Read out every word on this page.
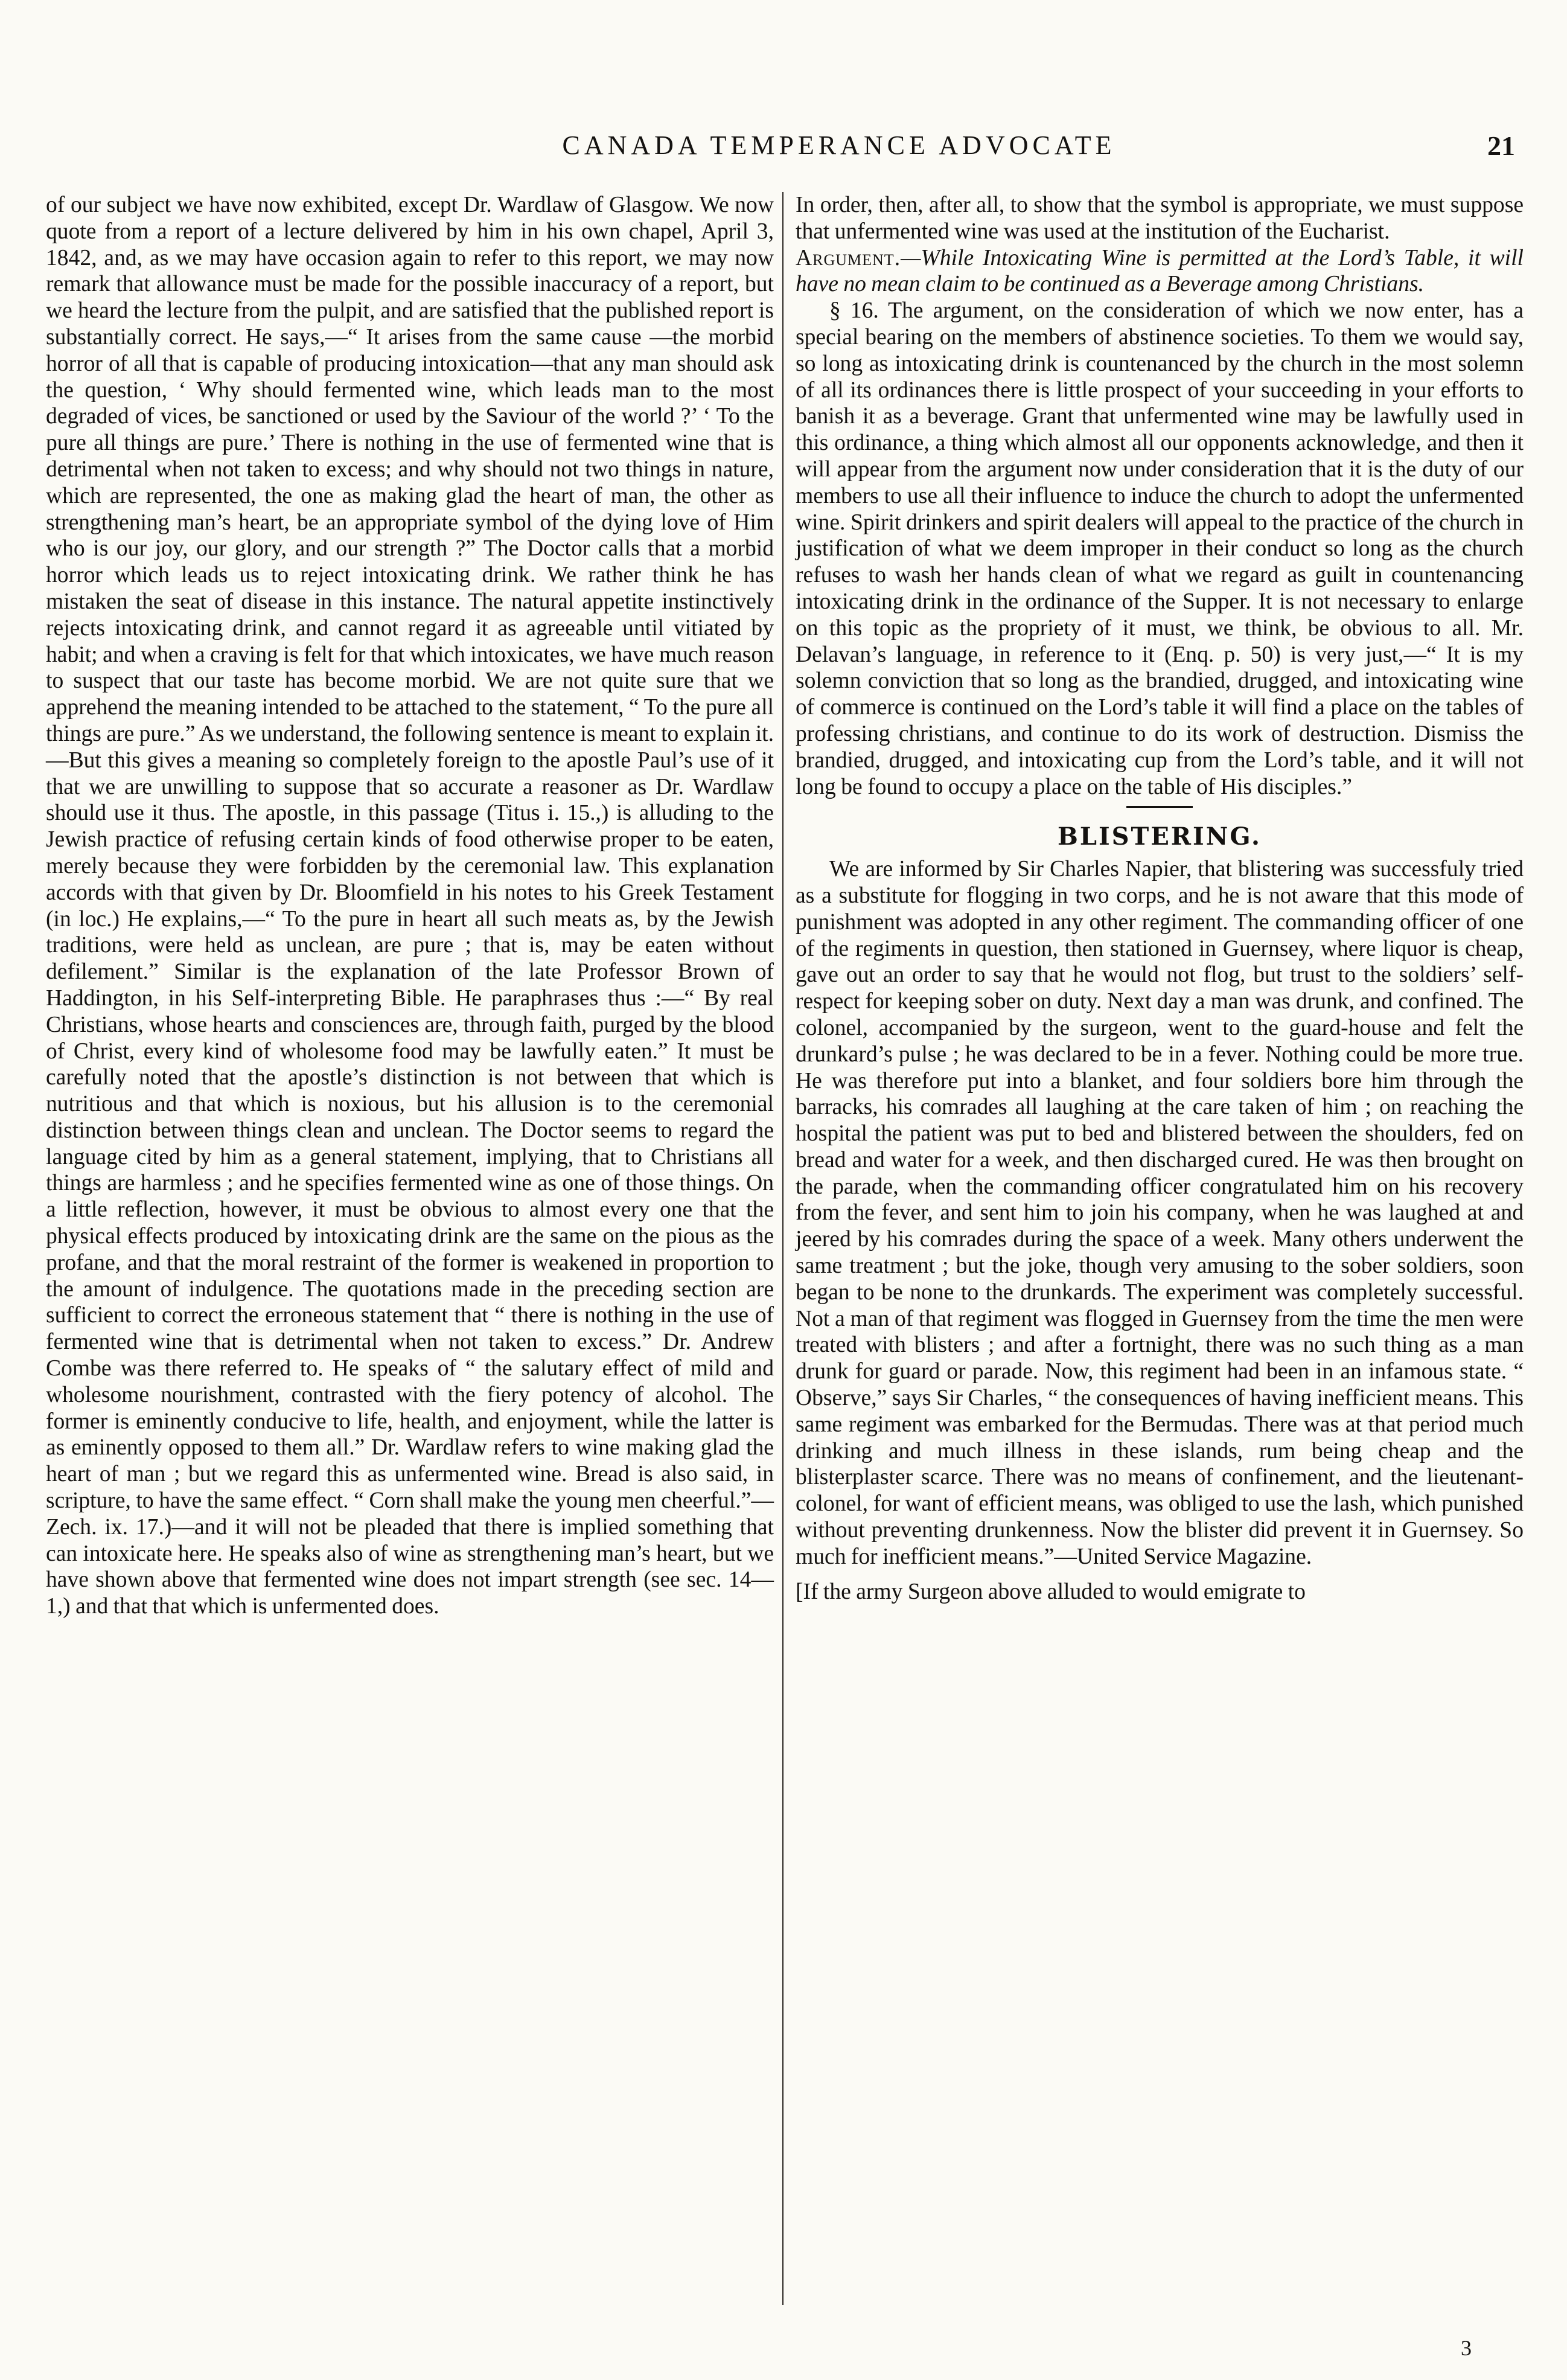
CANADA TEMPERANCE ADVOCATE	21

of our subject we have now exhibited, except Dr. Wardlaw of Glasgow. We now quote from a report of a lecture delivered by him in his own chapel, April 3, 1842, and, as we may have occasion again to refer to this report, we may now remark that allowance must be made for the possible inaccuracy of a report, but we heard the lecture from the pulpit, and are satisfied that the published report is substantially correct. He says,—“ It arises from the same cause —the morbid horror of all that is capable of producing intoxication—that any man should ask the question, ‘ Why should fermented wine, which leads man to the most degraded of vices, be sanctioned or used by the Saviour of the world ?’ ‘ To the pure all things are pure.’ There is nothing in the use of fermented wine that is detrimental when not taken to excess; and why should not two things in nature, which are represented, the one as making glad the heart of man, the other as strengthening man’s heart, be an appropriate symbol of the dying love of Him who is our joy, our glory, and our strength ?” The Doctor calls that a morbid horror which leads us to reject intoxicating drink. We rather think he has mistaken the seat of disease in this instance. The natural appetite instinctively rejects intoxicating drink, and cannot regard it as agreeable until vitiated by habit; and when a craving is felt for that which intoxicates, we have much reason to suspect that our taste has become morbid. We are not quite sure that we apprehend the meaning intended to be attached to the statement, “ To the pure all things are pure.” As we understand, the following sentence is meant to explain it.—But this gives a meaning so completely foreign to the apostle Paul’s use of it that we are unwilling to suppose that so accurate a reasoner as Dr. Wardlaw should use it thus. The apostle, in this passage (Titus i. 15.,) is alluding to the Jewish practice of refusing certain kinds of food otherwise proper to be eaten, merely because they were forbidden by the ceremonial law. This explanation accords with that given by Dr. Bloomfield in his notes to his Greek Testament (in loc.) He explains,—“ To the pure in heart all such meats as, by the Jewish traditions, were held as unclean, are pure ; that is, may be eaten without defilement.” Similar is the explanation of the late Professor Brown of Haddington, in his Self-interpreting Bible. He paraphrases thus :—“ By real Christians, whose hearts and consciences are, through faith, purged by the blood of Christ, every kind of wholesome food may be lawfully eaten.” It must be carefully noted that the apostle’s distinction is not between that which is nutritious and that which is noxious, but his allusion is to the ceremonial distinction between things clean and unclean. The Doctor seems to regard the language cited by him as a general statement, implying, that to Christians all things are harmless ; and he specifies fermented wine as one of those things. On a little reflection, however, it must be obvious to almost every one that the physical effects produced by intoxicating drink are the same on the pious as the profane, and that the moral restraint of the former is weakened in proportion to the amount of indulgence. The quotations made in the preceding section are sufficient to correct the erroneous statement that “ there is nothing in the use of fermented wine that is detrimental when not taken to excess.” Dr. Andrew Combe was there referred to. He speaks of “ the salutary effect of mild and wholesome nourishment, contrasted with the fiery potency of alcohol. The former is eminently conducive to life, health, and enjoyment, while the latter is as eminently opposed to them all.” Dr. Wardlaw refers to wine making glad the heart of man ; but we regard this as unfermented wine. Bread is also said, in scripture, to have the same effect. “ Corn shall make the young men cheerful.”—Zech. ix. 17.)—and it will not be pleaded that there is implied something that can intoxicate here. He speaks also of wine as strengthening man’s heart, but we have shown above that fermented wine does not impart strength (see sec. 14—1,) and that that which is unfermented does.

In order, then, after all, to show that the symbol is appropriate, we must suppose that unfermented wine was used at the institution of the Eucharist.

Argument.—While Intoxicating Wine is permitted at the Lord’s Table, it will have no mean claim to be continued as a Beverage among Christians.

§ 16. The argument, on the consideration of which we now enter, has a special bearing on the members of abstinence societies. To them we would say, so long as intoxicating drink is countenanced by the church in the most solemn of all its ordinances there is little prospect of your succeeding in your efforts to banish it as a beverage. Grant that unfermented wine may be lawfully used in this ordinance, a thing which almost all our opponents acknowledge, and then it will appear from the argument now under consideration that it is the duty of our members to use all their influence to induce the church to adopt the unfermented wine. Spirit drinkers and spirit dealers will appeal to the practice of the church in justification of what we deem improper in their conduct so long as the church refuses to wash her hands clean of what we regard as guilt in countenancing intoxicating drink in the ordinance of the Supper. It is not necessary to enlarge on this topic as the propriety of it must, we think, be obvious to all. Mr. Delavan’s language, in reference to it (Enq. p. 50) is very just,—“ It is my solemn conviction that so long as the brandied, drugged, and intoxicating wine of commerce is continued on the Lord’s table it will find a place on the tables of professing christians, and continue to do its work of destruction. Dismiss the brandied, drugged, and intoxicating cup from the Lord’s table, and it will not long be found to occupy a place on the table of His disciples.”

BLISTERING.

We are informed by Sir Charles Napier, that blistering was successfuly tried as a substitute for flogging in two corps, and he is not aware that this mode of punishment was adopted in any other regiment. The commanding officer of one of the regiments in question, then stationed in Guernsey, where liquor is cheap, gave out an order to say that he would not flog, but trust to the soldiers’ self-respect for keeping sober on duty. Next day a man was drunk, and confined. The colonel, accompanied by the surgeon, went to the guard-house and felt the drunkard’s pulse ; he was declared to be in a fever. Nothing could be more true. He was therefore put into a blanket, and four soldiers bore him through the barracks, his comrades all laughing at the care taken of him ; on reaching the hospital the patient was put to bed and blistered between the shoulders, fed on bread and water for a week, and then discharged cured. He was then brought on the parade, when the commanding officer congratulated him on his recovery from the fever, and sent him to join his company, when he was laughed at and jeered by his comrades during the space of a week. Many others underwent the same treatment ; but the joke, though very amusing to the sober soldiers, soon began to be none to the drunkards. The experiment was completely successful. Not a man of that regiment was flogged in Guernsey from the time the men were treated with blisters ; and after a fortnight, there was no such thing as a man drunk for guard or parade. Now, this regiment had been in an infamous state. “ Observe,” says Sir Charles, “ the consequences of having inefficient means. This same regiment was embarked for the Bermudas. There was at that period much drinking and much illness in these islands, rum being cheap and the blisterplaster scarce. There was no means of confinement, and the lieutenant-colonel, for want of efficient means, was obliged to use the lash, which punished without preventing drunkenness. Now the blister did prevent it in Guernsey. So much for inefficient means.”—United Service Magazine.

[If the army Surgeon above alluded to would emigrate to

3
